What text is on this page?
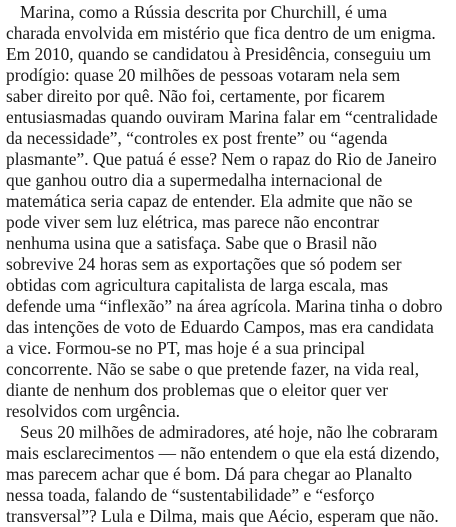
Marina, como a Rússia descrita por Churchill, é uma
charada envolvida em mistério que fica dentro de um enigma.
Em 2010, quando se candidatou à Presidência, conseguiu um
prodígio: quase 20 milhões de pessoas votaram nela sem
saber direito por quê. Não foi, certamente, por ficarem
entusiasmadas quando ouviram Marina falar em “centralidade
da necessidade”, “controles ex post frente” ou “agenda
plasmante”. Que patuá é esse? Nem o rapaz do Rio de Janeiro
que ganhou outro dia a supermedalha internacional de
matemática seria capaz de entender. Ela admite que não se
pode viver sem luz elétrica, mas parece não encontrar
nenhuma usina que a satisfaça. Sabe que o Brasil não
sobrevive 24 horas sem as exportações que só podem ser
obtidas com agricultura capitalista de larga escala, mas
defende uma “inflexão” na área agrícola. Marina tinha o dobro
das intenções de voto de Eduardo Campos, mas era candidata
a vice. Formou-se no PT, mas hoje é a sua principal
concorrente. Não se sabe o que pretende fazer, na vida real,
diante de nenhum dos problemas que o eleitor quer ver
resolvidos com urgência.

Seus 20 milhões de admiradores, até hoje, não lhe cobraram
mais esclarecimentos — não entendem o que ela está dizendo,
mas parecem achar que é bom. Dá para chegar ao Planalto
nessa toada, falando de “sustentabilidade” e “esforço
transversal”? Lula e Dilma, mais que Aécio, esperam que não.
